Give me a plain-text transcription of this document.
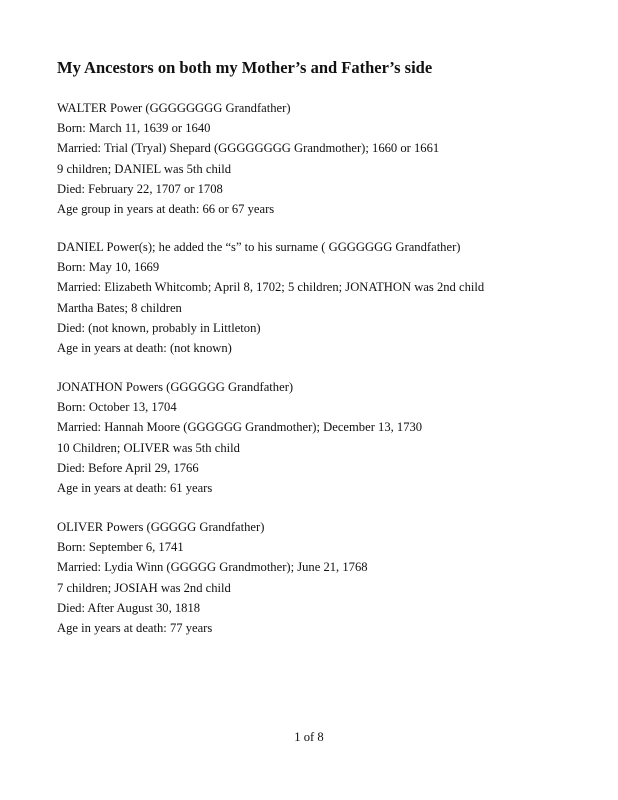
My Ancestors on both my Mother’s and Father’s side
WALTER Power (GGGGGGGG Grandfather)
Born: March 11, 1639 or 1640
Married: Trial (Tryal) Shepard (GGGGGGGG Grandmother); 1660 or 1661
9 children; DANIEL was 5th child
Died: February 22, 1707 or 1708
Age group in years at death: 66 or 67 years
DANIEL Power(s); he added the “s” to his surname ( GGGGGGG Grandfather)
Born: May 10, 1669
Married: Elizabeth Whitcomb; April 8, 1702; 5 children; JONATHON was 2nd child
Martha Bates; 8 children
Died: (not known, probably in Littleton)
Age in years at death: (not known)
JONATHON Powers (GGGGGG Grandfather)
Born: October 13, 1704
Married: Hannah Moore (GGGGGG Grandmother); December 13, 1730
10 Children; OLIVER was 5th child
Died: Before April 29, 1766
Age in years at death: 61 years
OLIVER Powers (GGGGG Grandfather)
Born: September 6, 1741
Married: Lydia Winn (GGGGG Grandmother); June 21, 1768
7 children; JOSIAH was 2nd child
Died: After August 30, 1818
Age in years at death: 77 years
1 of 8
